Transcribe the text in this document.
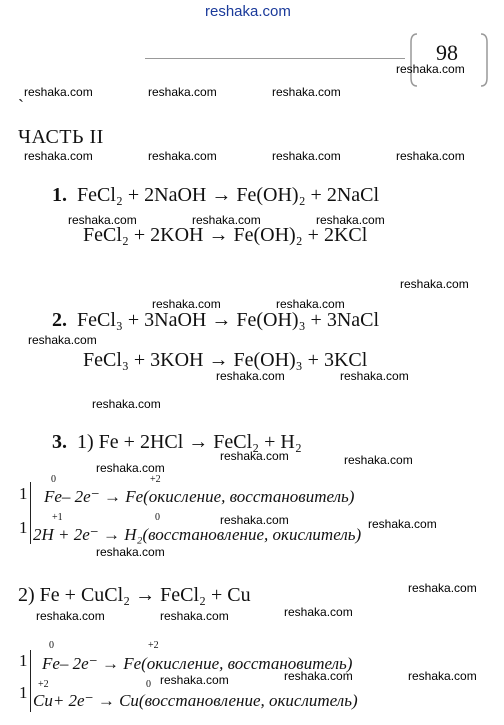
reshaka.com
98
`
ЧАСТЬ II
1. FeCl₂ + 2NaOH → Fe(OH)₂ + 2NaCl
FeCl₂ + 2KOH → Fe(OH)₂ + 2KCl
2. FeCl₃ + 3NaOH → Fe(OH)₃ + 3NaCl
FeCl₃ + 3KOH → Fe(OH)₃ + 3KCl
3. 1) Fe + 2HCl → FeCl₂ + H₂
1
1
0	+2
Fe– 2e⁻ → Fe(окисление, восстановитель)
+1	0
2H + 2e⁻ → H₂(восстановление, окислитель)
2) Fe + CuCl₂ → FeCl₂ + Cu
1
1
0	+2
Fe– 2e⁻ → Fe(окисление, восстановитель)
+2	0
Cu+ 2e⁻ → Cu(восстановление, окислитель)
reshaka.com
reshaka.com	reshaka.com	reshaka.com
reshaka.com	reshaka.com	reshaka.com	reshaka.com
reshaka.com	reshaka.com	reshaka.com
reshaka.com
reshaka.com	reshaka.com
reshaka.com
reshaka.com	reshaka.com
reshaka.com
reshaka.com	reshaka.com
reshaka.com
reshaka.com	reshaka.com
reshaka.com
reshaka.com
reshaka.com	reshaka.com	reshaka.com
reshaka.com	reshaka.com	reshaka.com
